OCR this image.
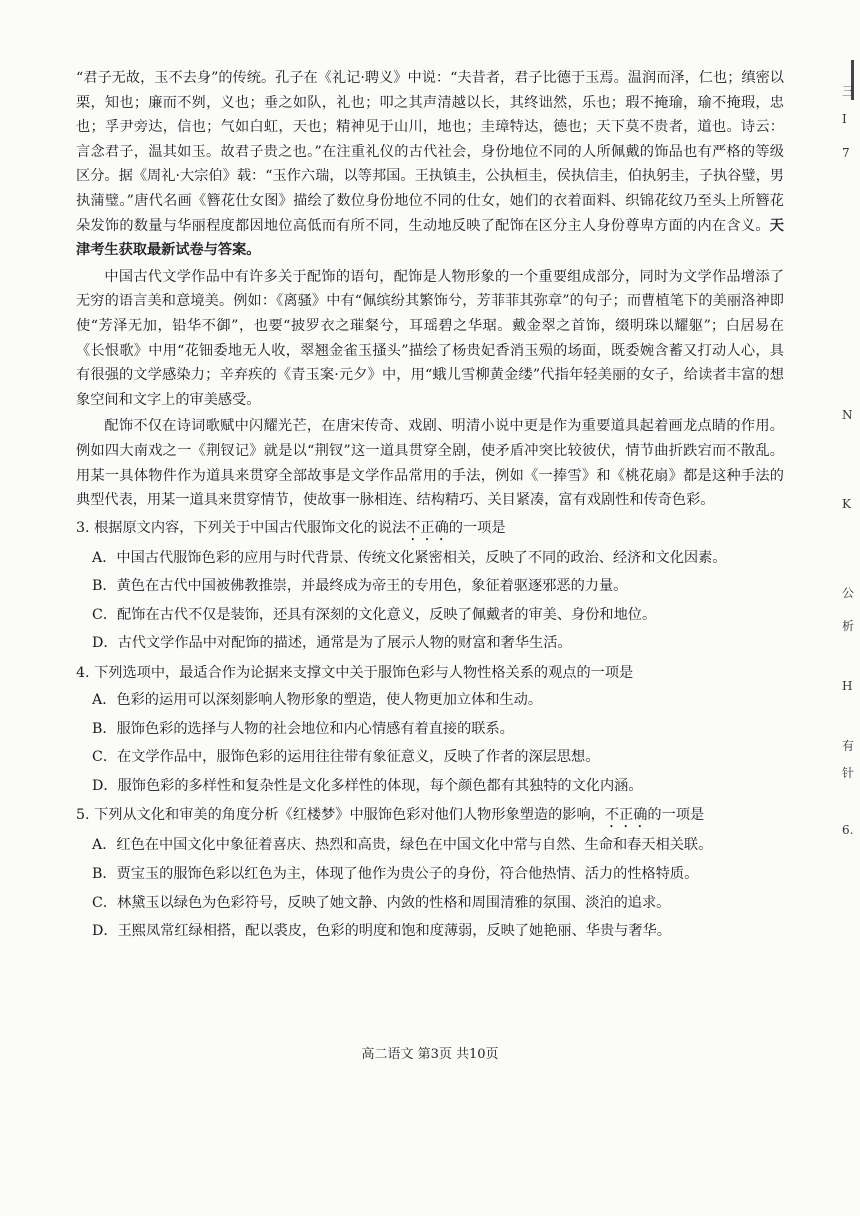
三
Ⅰ
7
N
K
公
析
H
有
针
6.

“君子无故，玉不去身”的传统。孔子在《礼记·聘义》中说：“夫昔者，君子比德于玉焉。温润而泽，仁也；缜密以栗，知也；廉而不刿，义也；垂之如队，礼也；叩之其声清越以长，其终诎然，乐也；瑕不掩瑜，瑜不掩瑕，忠也；孚尹旁达，信也；气如白虹，天也；精神见于山川，地也；圭璋特达，德也；天下莫不贵者，道也。诗云：言念君子，温其如玉。故君子贵之也。”在注重礼仪的古代社会，身份地位不同的人所佩戴的饰品也有严格的等级区分。据《周礼·大宗伯》载：“玉作六瑞，以等邦国。王执镇圭，公执桓圭，侯执信圭，伯执躬圭，子执谷璧，男执蒲璧。”唐代名画《簪花仕女图》描绘了数位身份地位不同的仕女，她们的衣着面料、织锦花纹乃至头上所簪花朵发饰的数量与华丽程度都因地位高低而有所不同，生动地反映了配饰在区分主人身份尊卑方面的内在含义。天津考生获取最新试卷与答案。

中国古代文学作品中有许多关于配饰的语句，配饰是人物形象的一个重要组成部分，同时为文学作品增添了无穷的语言美和意境美。例如：《离骚》中有“佩缤纷其繁饰兮，芳菲菲其弥章”的句子；而曹植笔下的美丽洛神即使“芳泽无加，铅华不御”，也要“披罗衣之璀粲兮，耳瑶碧之华琚。戴金翠之首饰，缀明珠以耀躯”；白居易在《长恨歌》中用“花钿委地无人收，翠翘金雀玉搔头”描绘了杨贵妃香消玉殒的场面，既委婉含蓄又打动人心，具有很强的文学感染力；辛弃疾的《青玉案·元夕》中，用“蛾儿雪柳黄金缕”代指年轻美丽的女子，给读者丰富的想象空间和文字上的审美感受。

配饰不仅在诗词歌赋中闪耀光芒，在唐宋传奇、戏剧、明清小说中更是作为重要道具起着画龙点睛的作用。例如四大南戏之一《荆钗记》就是以“荆钗”这一道具贯穿全剧，使矛盾冲突比较彼伏，情节曲折跌宕而不散乱。用某一具体物件作为道具来贯穿全部故事是文学作品常用的手法，例如《一捧雪》和《桃花扇》都是这种手法的典型代表，用某一道具来贯穿情节，使故事一脉相连、结构精巧、关目紧凑，富有戏剧性和传奇色彩。

3. 根据原文内容，下列关于中国古代服饰文化的说法不正确的一项是

A．中国古代服饰色彩的应用与时代背景、传统文化紧密相关，反映了不同的政治、经济和文化因素。

B．黄色在古代中国被佛教推崇，并最终成为帝王的专用色，象征着驱逐邪恶的力量。

C．配饰在古代不仅是装饰，还具有深刻的文化意义，反映了佩戴者的审美、身份和地位。

D．古代文学作品中对配饰的描述，通常是为了展示人物的财富和奢华生活。

4. 下列选项中，最适合作为论据来支撑文中关于服饰色彩与人物性格关系的观点的一项是

A．色彩的运用可以深刻影响人物形象的塑造，使人物更加立体和生动。

B．服饰色彩的选择与人物的社会地位和内心情感有着直接的联系。

C．在文学作品中，服饰色彩的运用往往带有象征意义，反映了作者的深层思想。

D．服饰色彩的多样性和复杂性是文化多样性的体现，每个颜色都有其独特的文化内涵。

5. 下列从文化和审美的角度分析《红楼梦》中服饰色彩对他们人物形象塑造的影响，不正确的一项是

A．红色在中国文化中象征着喜庆、热烈和高贵，绿色在中国文化中常与自然、生命和春天相关联。

B．贾宝玉的服饰色彩以红色为主，体现了他作为贵公子的身份，符合他热情、活力的性格特质。

C．林黛玉以绿色为色彩符号，反映了她文静、内敛的性格和周围清雅的氛围、淡泊的追求。

D．王熙凤常红绿相搭，配以裘皮，色彩的明度和饱和度薄弱，反映了她艳丽、华贵与奢华。

高二语文 第3页 共10页
